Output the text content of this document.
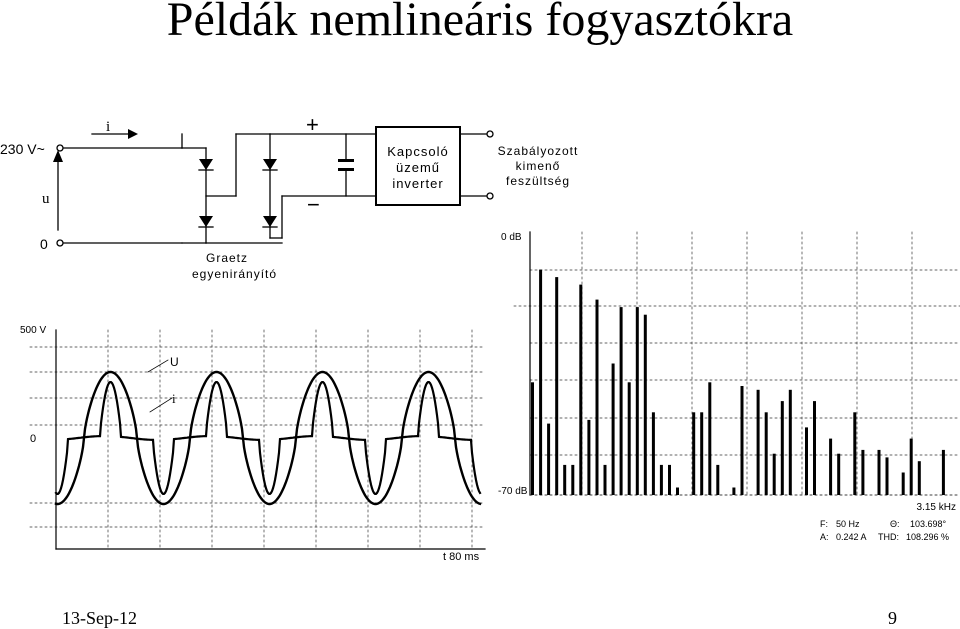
Példák nemlineáris fogyasztókra
230 V~
i
u
0
+
−
Graetz
egyenirányító
Kapcsoló
üzemű
inverter
Szabályozott
kimenő
feszültség
500 V
0
U
i
t 80 ms
0 dB
-70 dB
3.15 kHz
F: 50 Hz	Θ: 103.698°
A: 0.242 A THD: 108.296 %
13-Sep-12	9
